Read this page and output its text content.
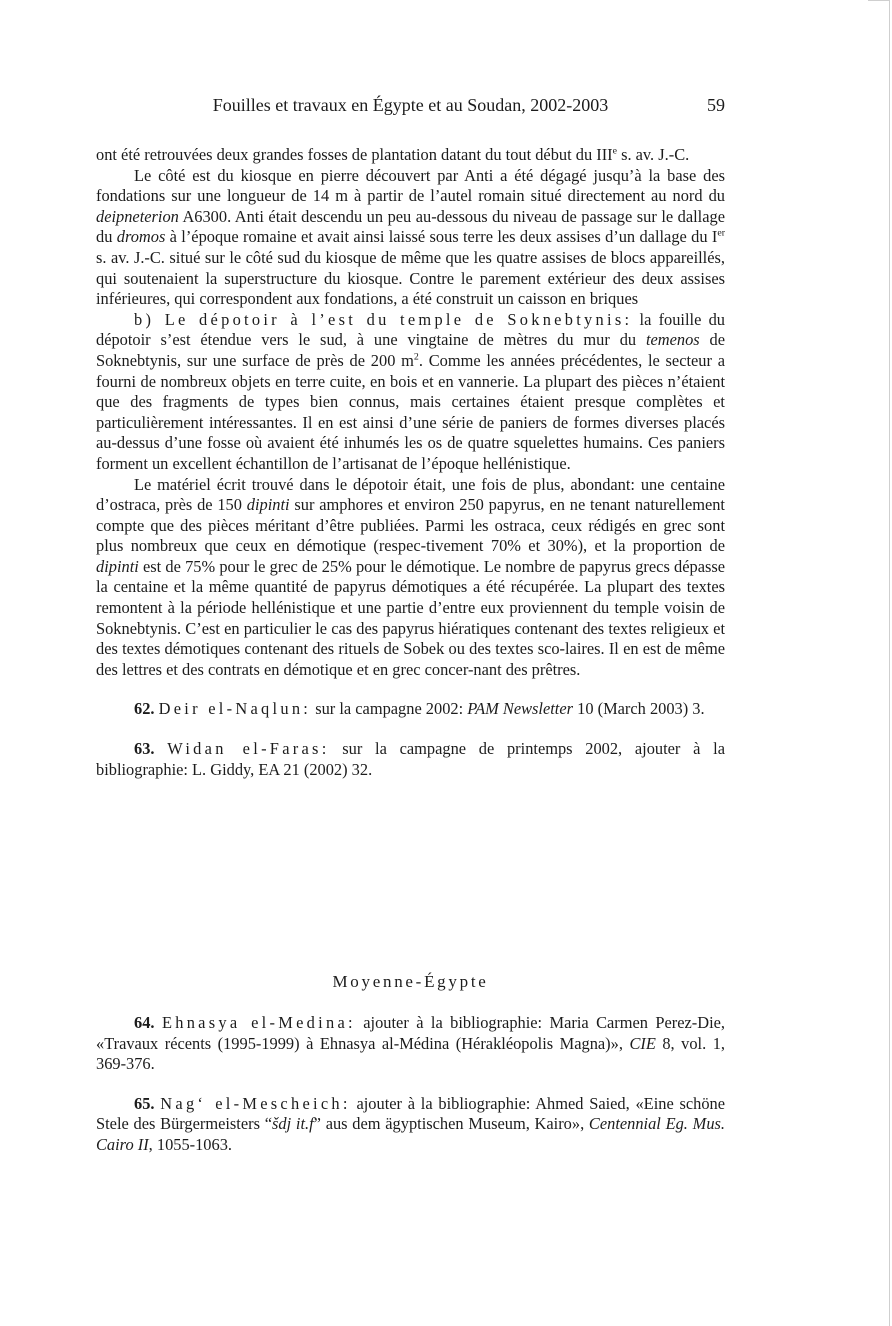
Fouilles et travaux en Égypte et au Soudan, 2002-2003	59

ont été retrouvées deux grandes fosses de plantation datant du tout début du IIIe s. av. J.-C.

Le côté est du kiosque en pierre découvert par Anti a été dégagé jusqu’à la base des fondations sur une longueur de 14 m à partir de l’autel romain situé directement au nord du deipneterion A6300. Anti était descendu un peu au-dessous du niveau de passage sur le dallage du dromos à l’époque romaine et avait ainsi laissé sous terre les deux assises d’un dallage du Ier s. av. J.-C. situé sur le côté sud du kiosque de même que les quatre assises de blocs appareillés, qui soutenaient la superstructure du kiosque. Contre le parement extérieur des deux assises inférieures, qui correspondent aux fondations, a été construit un caisson en briques

b) Le dépotoir à l’est du temple de Soknebtynis: la fouille du dépotoir s’est étendue vers le sud, à une vingtaine de mètres du mur du temenos de Soknebtynis, sur une surface de près de 200 $m^2$. Comme les années précédentes, le secteur a fourni de nombreux objets en terre cuite, en bois et en vannerie. La plupart des pièces n’étaient que des fragments de types bien connus, mais certaines étaient presque complètes et particulièrement intéressantes. Il en est ainsi d’une série de paniers de formes diverses placés au-dessus d’une fosse où avaient été inhumés les os de quatre squelettes humains. Ces paniers forment un excellent échantillon de l’artisanat de l’époque hellénistique.

Le matériel écrit trouvé dans le dépotoir était, une fois de plus, abondant: une centaine d’ostraca, près de 150 dipinti sur amphores et environ 250 papyrus, en ne tenant naturellement compte que des pièces méritant d’être publiées. Parmi les ostraca, ceux rédigés en grec sont plus nombreux que ceux en démotique (respec-tivement 70% et 30%), et la proportion de dipinti est de 75% pour le grec de 25% pour le démotique. Le nombre de papyrus grecs dépasse la centaine et la même quantité de papyrus démotiques a été récupérée. La plupart des textes remontent à la période hellénistique et une partie d’entre eux proviennent du temple voisin de Soknebtynis. C’est en particulier le cas des papyrus hiératiques contenant des textes religieux et des textes démotiques contenant des rituels de Sobek ou des textes sco-laires. Il en est de même des lettres et des contrats en démotique et en grec concer-nant des prêtres.

62. Deir el-Naqlun: sur la campagne 2002: PAM Newsletter 10 (March 2003) 3.

63. Widan el-Faras: sur la campagne de printemps 2002, ajouter à la bibliographie: L. Giddy, EA 21 (2002) 32.

Moyenne-Égypte

64. Ehnasya el-Medina: ajouter à la bibliographie: Maria Carmen Perez-Die, «Travaux récents (1995-1999) à Ehnasya al-Médina (Hérakléopolis Magna)», CIE 8, vol. 1, 369-376.

65. Nag‘ el-Mescheich: ajouter à la bibliographie: Ahmed Saied, «Eine schöne Stele des Bürgermeisters “šdj it.f” aus dem ägyptischen Museum, Kairo», Centennial Eg. Mus. Cairo II, 1055-1063.
